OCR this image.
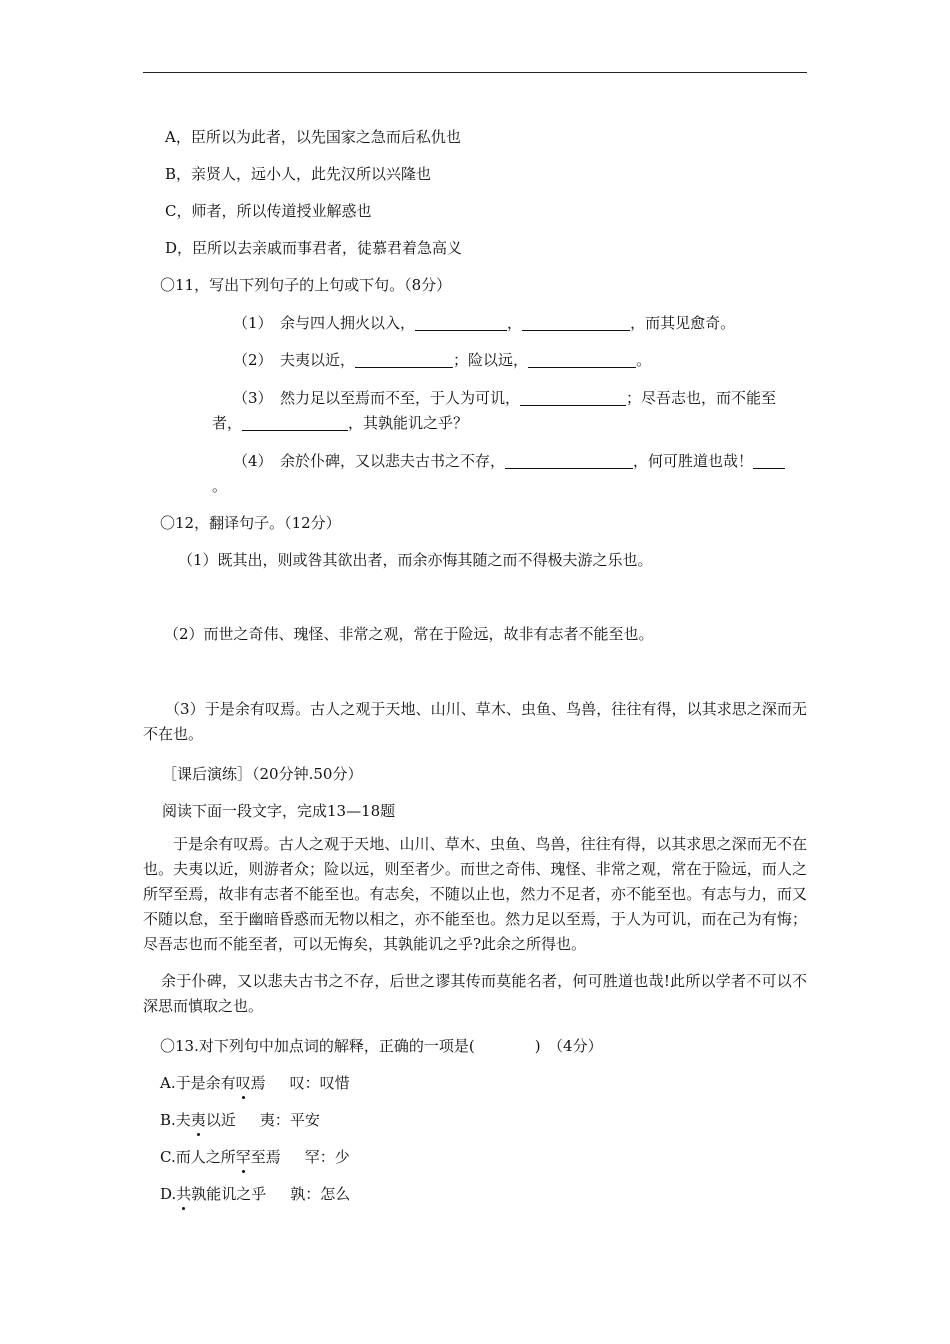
A，臣所以为此者，以先国家之急而后私仇也
B，亲贤人，远小人，此先汉所以兴隆也
C，师者，所以传道授业解惑也
D，臣所以去亲戚而事君者，徒慕君着急高义
〇11，写出下列句子的上句或下句。（8分）
（1）　余与四人拥火以入，	，	，而其见愈奇。
（2）　夫夷以近，	；险以远，	。
（3）　然力足以至焉而不至，于人为可讥，	；尽吾志也，而不能至
者，	，其孰能讥之乎？
（4）　余於仆碑，又以悲夫古书之不存，	，何可胜道也哉！
。
〇12，翻译句子。（12分）
（1）既其出，则或咎其欲出者，而余亦悔其随之而不得极夫游之乐也。
（2）而世之奇伟、瑰怪、非常之观，常在于险远，故非有志者不能至也。
（3）于是余有叹焉。古人之观于天地、山川、草木、虫鱼、鸟兽，往往有得，以其求思之深而无不在也。
［课后演练］（20分钟.50分）
阅读下面一段文字，完成13—18题
于是余有叹焉。古人之观于天地、山川、草木、虫鱼、鸟兽，往往有得，以其求思之深而无不在也。夫夷以近，则游者众；险以远，则至者少。而世之奇伟、瑰怪、非常之观，常在于险远，而人之所罕至焉，故非有志者不能至也。有志矣，不随以止也，然力不足者，亦不能至也。有志与力，而又不随以怠，至于幽暗昏惑而无物以相之，亦不能至也。然力足以至焉，于人为可讥，而在己为有悔；尽吾志也而不能至者，可以无悔矣，其孰能讥之乎?此余之所得也。
余于仆碑，又以悲夫古书之不存，后世之谬其传而莫能名者，何可胜道也哉!此所以学者不可以不深思而慎取之也。
〇13.对下列句中加点词的解释，正确的一项是(　　　　)　（4分）
A.于是余有叹焉 叹：叹惜
B.夫夷以近 夷：平安
C.而人之所罕至焉 罕：少
D.共孰能讥之乎 孰：怎么
